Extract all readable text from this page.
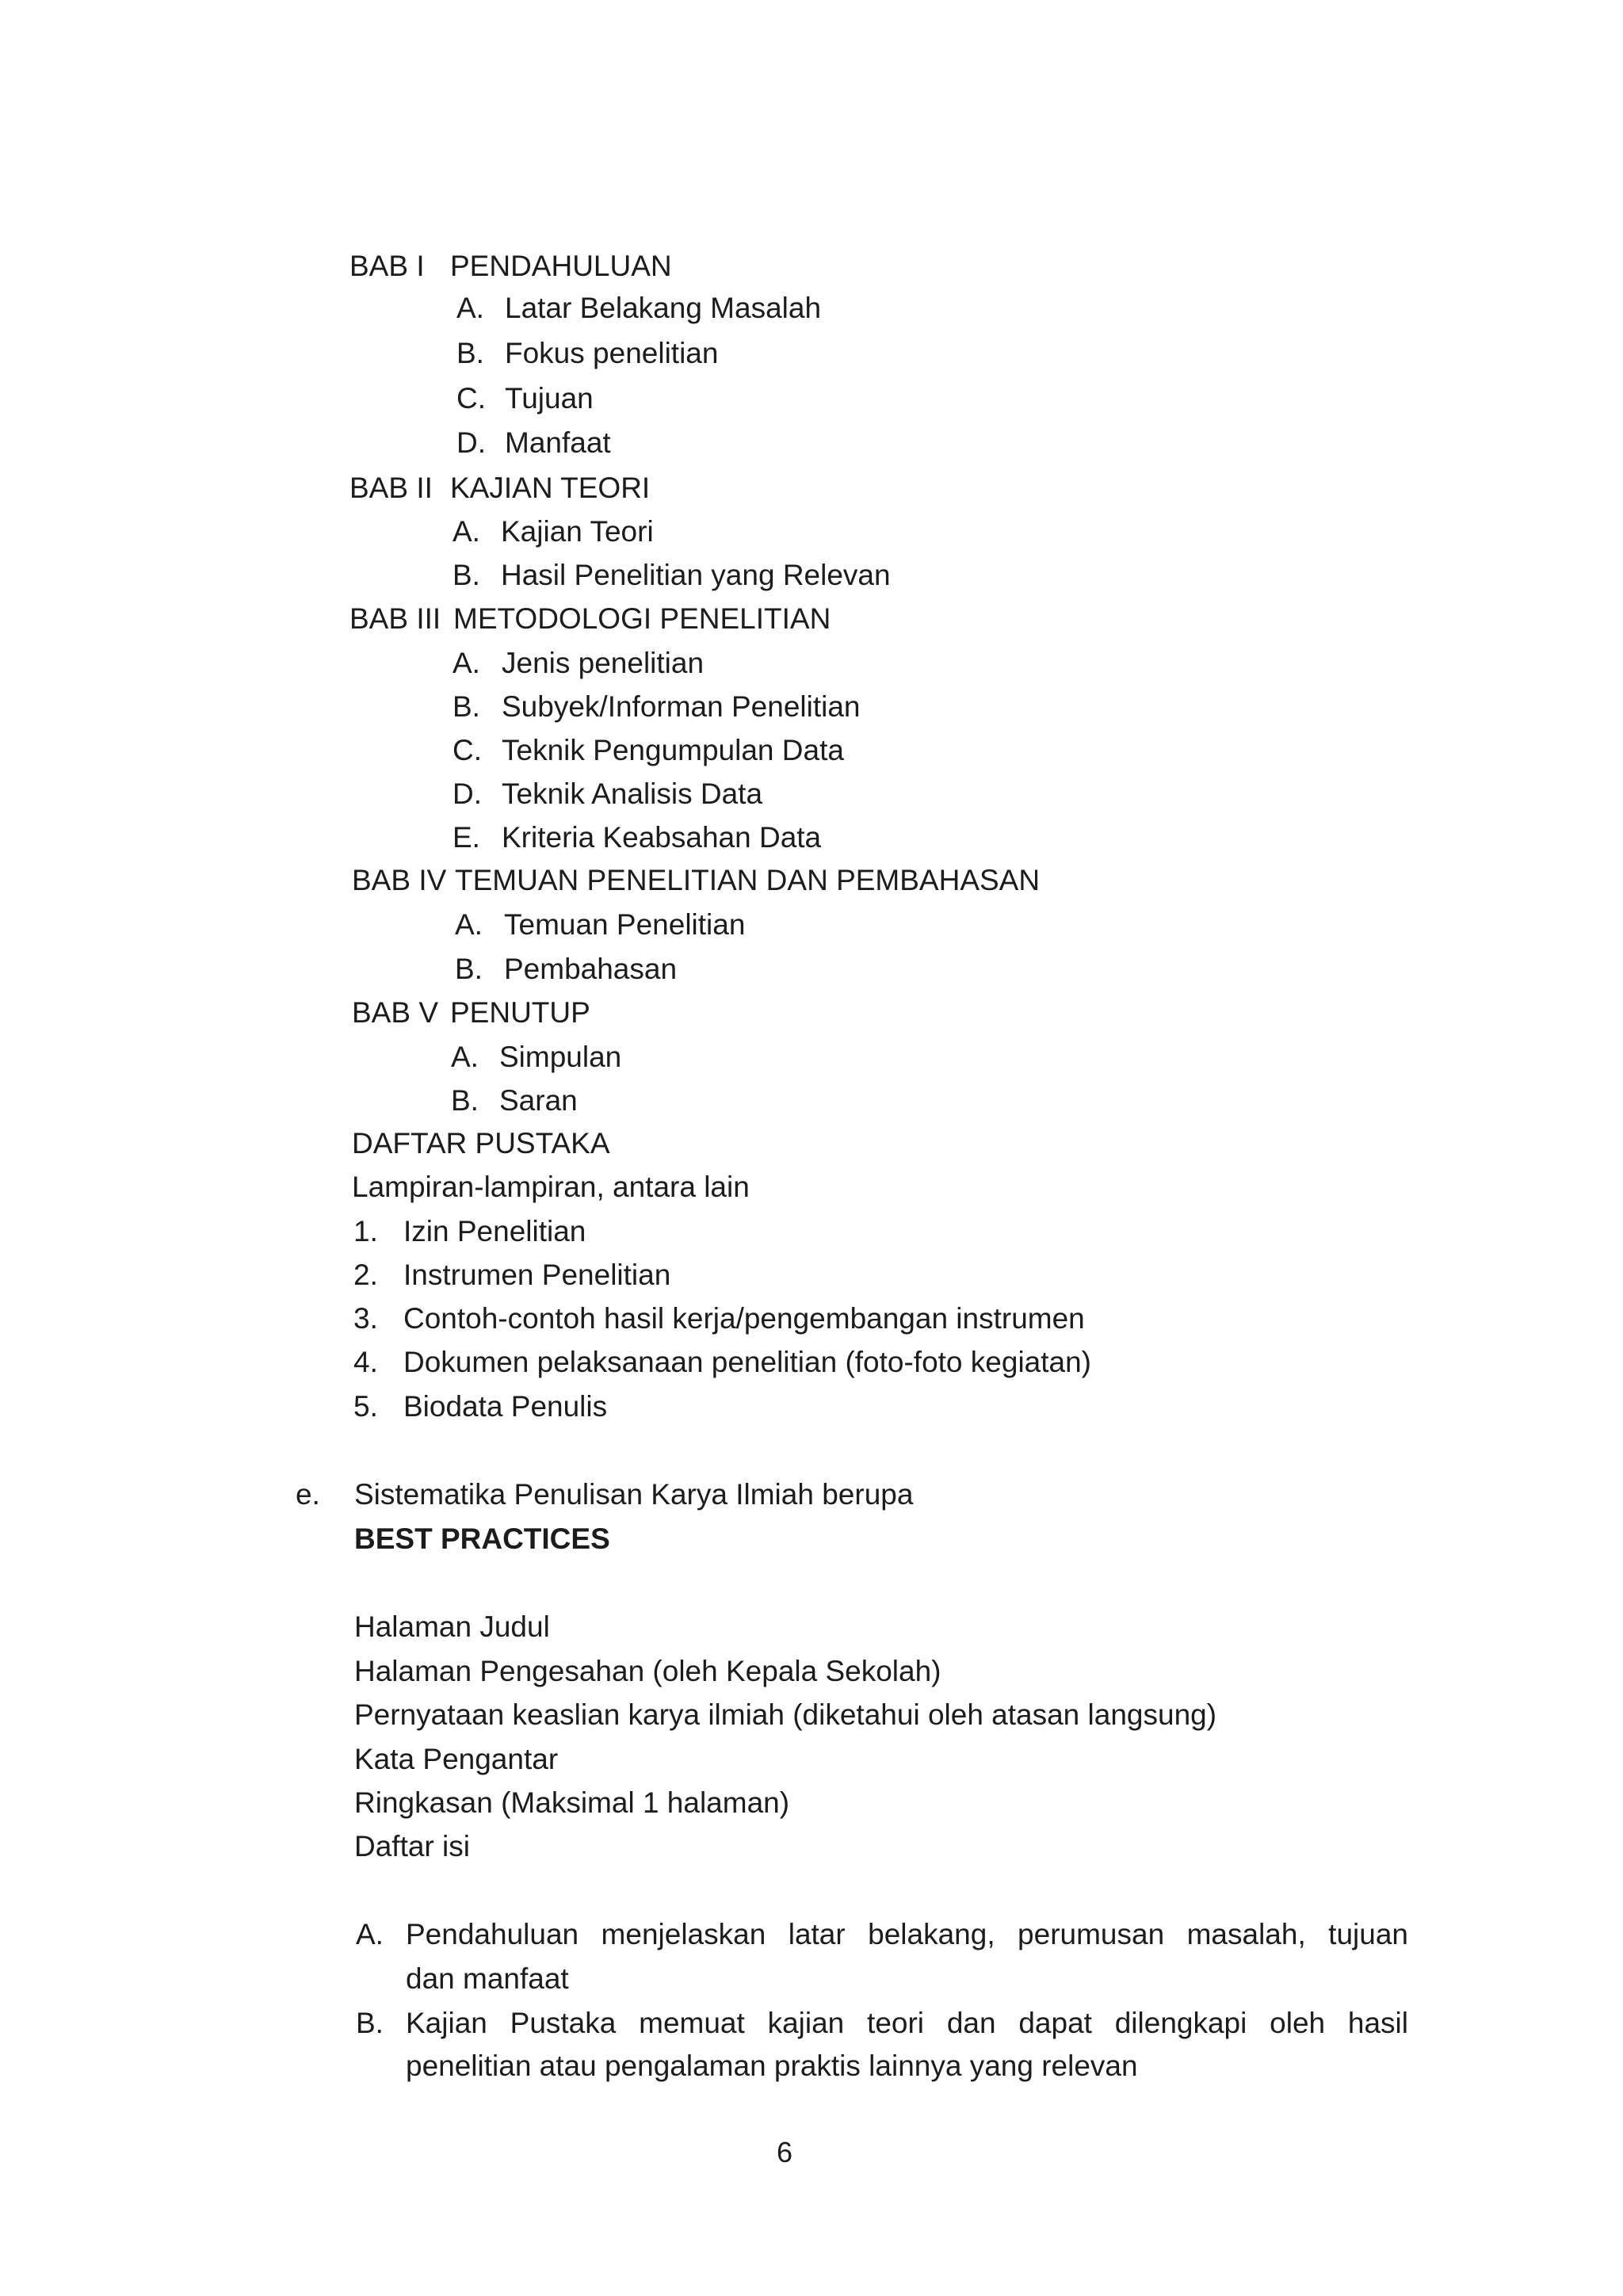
BAB I PENDAHULUAN
A. Latar Belakang Masalah
B. Fokus penelitian
C. Tujuan
D. Manfaat
BAB II KAJIAN TEORI
A. Kajian Teori
B. Hasil Penelitian yang Relevan
BAB III METODOLOGI PENELITIAN
A. Jenis penelitian
B. Subyek/Informan Penelitian
C. Teknik Pengumpulan Data
D. Teknik Analisis Data
E. Kriteria Keabsahan Data
BAB IV TEMUAN PENELITIAN DAN PEMBAHASAN
A. Temuan Penelitian
B. Pembahasan
BAB V PENUTUP
A. Simpulan
B. Saran
DAFTAR PUSTAKA
Lampiran-lampiran, antara lain
1. Izin Penelitian
2. Instrumen Penelitian
3. Contoh-contoh hasil kerja/pengembangan instrumen
4. Dokumen pelaksanaan penelitian (foto-foto kegiatan)
5. Biodata Penulis
e. Sistematika Penulisan Karya Ilmiah berupa
BEST PRACTICES
Halaman Judul
Halaman Pengesahan (oleh Kepala Sekolah)
Pernyataan keaslian karya ilmiah (diketahui oleh atasan langsung)
Kata Pengantar
Ringkasan (Maksimal 1 halaman)
Daftar isi
A. Pendahuluan menjelaskan latar belakang, perumusan masalah, tujuan
dan manfaat
B. Kajian Pustaka memuat kajian teori dan dapat dilengkapi oleh hasil
penelitian atau pengalaman praktis lainnya yang relevan
6
